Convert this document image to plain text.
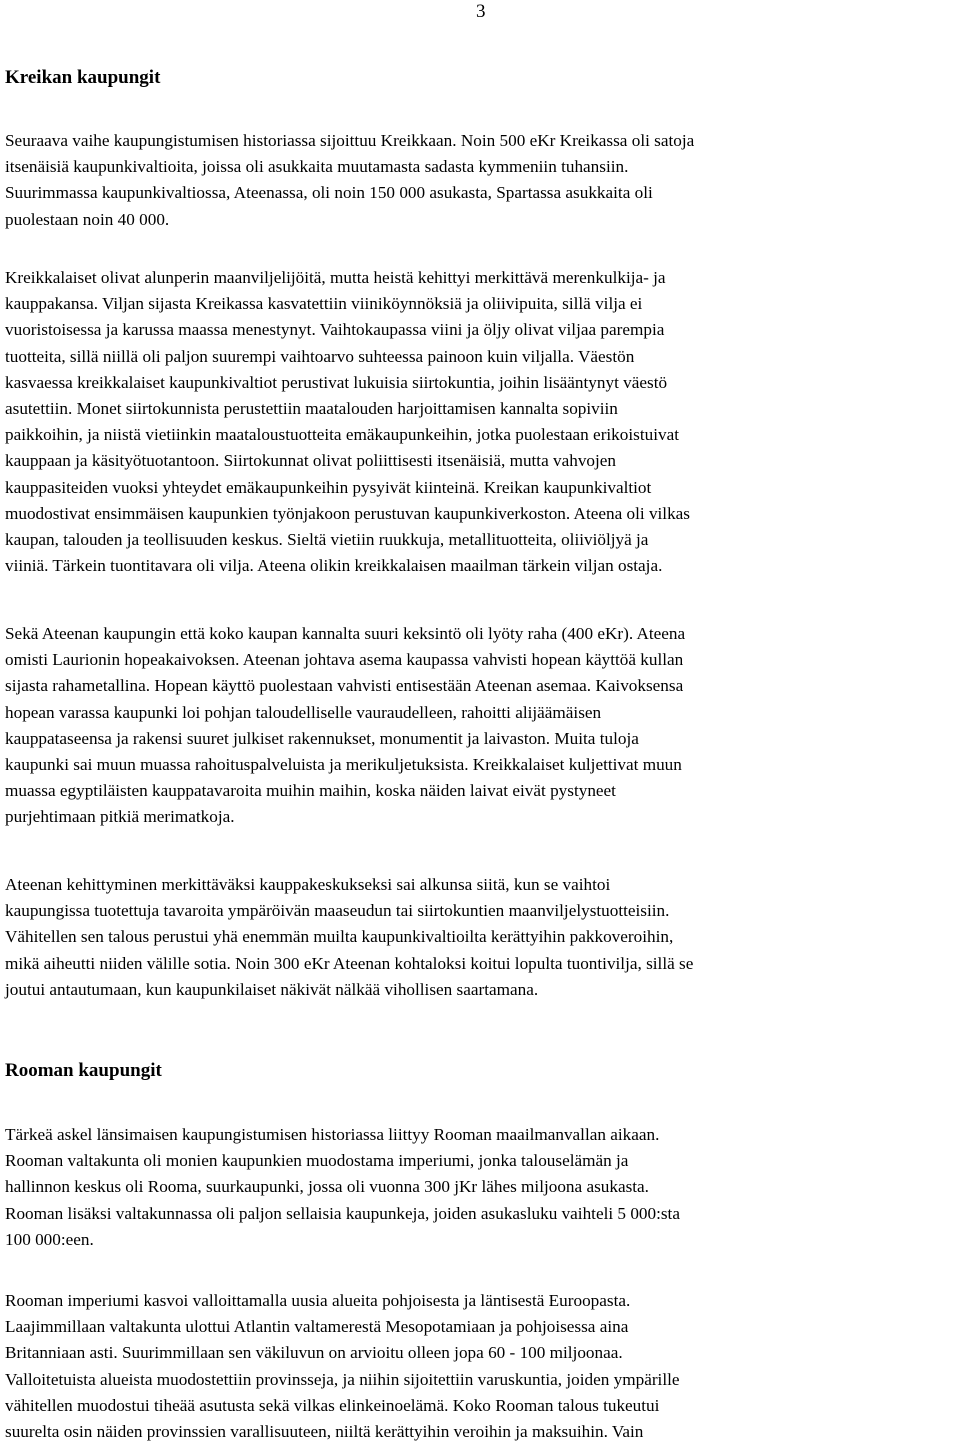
3
Kreikan kaupungit
Seuraava vaihe kaupungistumisen historiassa sijoittuu Kreikkaan. Noin 500 eKr Kreikassa oli satoja
itsenäisiä kaupunkivaltioita, joissa oli asukkaita muutamasta sadasta kymmeniin tuhansiin.
Suurimmassa kaupunkivaltiossa, Ateenassa, oli noin 150 000 asukasta, Spartassa asukkaita oli
puolestaan noin 40 000.
Kreikkalaiset olivat alunperin maanviljelijöitä, mutta heistä kehittyi merkittävä merenkulkija- ja
kauppakansa. Viljan sijasta Kreikassa kasvatettiin viiniköynnöksiä ja oliivipuita, sillä vilja ei
vuoristoisessa ja karussa maassa menestynyt. Vaihtokaupassa viini ja öljy olivat viljaa parempia
tuotteita, sillä niillä oli paljon suurempi vaihtoarvo suhteessa painoon kuin viljalla. Väestön
kasvaessa kreikkalaiset kaupunkivaltiot perustivat lukuisia siirtokuntia, joihin lisääntynyt väestö
asutettiin. Monet siirtokunnista perustettiin maatalouden harjoittamisen kannalta sopiviin
paikkoihin, ja niistä vietiinkin maataloustuotteita emäkaupunkeihin, jotka puolestaan erikoistuivat
kauppaan ja käsityötuotantoon. Siirtokunnat olivat poliittisesti itsenäisiä, mutta vahvojen
kauppasiteiden vuoksi yhteydet emäkaupunkeihin pysyivät kiinteinä. Kreikan kaupunkivaltiot
muodostivat ensimmäisen kaupunkien työnjakoon perustuvan kaupunkiverkoston. Ateena oli vilkas
kaupan, talouden ja teollisuuden keskus. Sieltä vietiin ruukkuja, metallituotteita, oliiviöljyä ja
viiniä. Tärkein tuontitavara oli vilja. Ateena olikin kreikkalaisen maailman tärkein viljan ostaja.
Sekä Ateenan kaupungin että koko kaupan kannalta suuri keksintö oli lyöty raha (400 eKr). Ateena
omisti Laurionin hopeakaivoksen. Ateenan johtava asema kaupassa vahvisti hopean käyttöä kullan
sijasta rahametallina. Hopean käyttö puolestaan vahvisti entisestään Ateenan asemaa. Kaivoksensa
hopean varassa kaupunki loi pohjan taloudelliselle vauraudelleen, rahoitti alijäämäisen
kauppataseensa ja rakensi suuret julkiset rakennukset, monumentit ja laivaston. Muita tuloja
kaupunki sai muun muassa rahoituspalveluista ja merikuljetuksista. Kreikkalaiset kuljettivat muun
muassa egyptiläisten kauppatavaroita muihin maihin, koska näiden laivat eivät pystyneet
purjehtimaan pitkiä merimatkoja.
Ateenan kehittyminen merkittäväksi kauppakeskukseksi sai alkunsa siitä, kun se vaihtoi
kaupungissa tuotettuja tavaroita ympäröivän maaseudun tai siirtokuntien maanviljelystuotteisiin.
Vähitellen sen talous perustui yhä enemmän muilta kaupunkivaltioilta kerättyihin pakkoveroihin,
mikä aiheutti niiden välille sotia. Noin 300 eKr Ateenan kohtaloksi koitui lopulta tuontivilja, sillä se
joutui antautumaan, kun kaupunkilaiset näkivät nälkää vihollisen saartamana.
Rooman kaupungit
Tärkeä askel länsimaisen kaupungistumisen historiassa liittyy Rooman maailmanvallan aikaan.
Rooman valtakunta oli monien kaupunkien muodostama imperiumi, jonka talouselämän ja
hallinnon keskus oli Rooma, suurkaupunki, jossa oli vuonna 300 jKr lähes miljoona asukasta.
Rooman lisäksi valtakunnassa oli paljon sellaisia kaupunkeja, joiden asukasluku vaihteli 5 000:sta
100 000:een.
Rooman imperiumi kasvoi valloittamalla uusia alueita pohjoisesta ja läntisestä Euroopasta.
Laajimmillaan valtakunta ulottui Atlantin valtamerestä Mesopotamiaan ja pohjoisessa aina
Britanniaan asti. Suurimmillaan sen väkiluvun on arvioitu olleen jopa 60 - 100 miljoonaa.
Valloitetuista alueista muodostettiin provinsseja, ja niihin sijoitettiin varuskuntia, joiden ympärille
vähitellen muodostui tiheää asutusta sekä vilkas elinkeinoelämä. Koko Rooman talous tukeutui
suurelta osin näiden provinssien varallisuuteen, niiltä kerättyihin veroihin ja maksuihin. Vain
